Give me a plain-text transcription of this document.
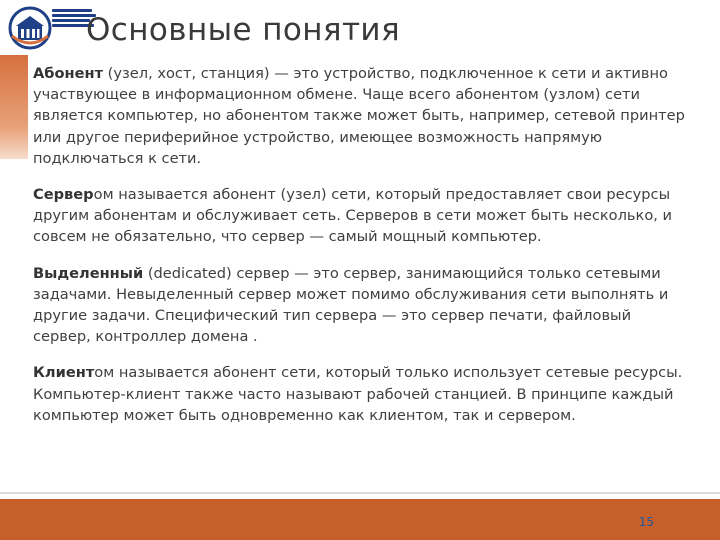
Основные понятия

Абонент (узел, хост, станция) — это устройство, подключенное к сети и активно участвующее в информационном обмене. Чаще всего абонентом (узлом) сети является компьютер, но абонентом также может быть, например, сетевой принтер или другое периферийное устройство, имеющее возможность напрямую подключаться к сети.

Сервером называется абонент (узел) сети, который предоставляет свои ресурсы другим абонентам и обслуживает сеть. Серверов в сети может быть несколько, и совсем не обязательно, что сервер — самый мощный компьютер.

Выделенный (dedicated) сервер — это сервер, занимающийся только сетевыми задачами. Невыделенный сервер может помимо обслуживания сети выполнять и другие задачи. Специфический тип сервера — это сервер печати, файловый сервер, контроллер домена .

Клиентом называется абонент сети, который только использует сетевые ресурсы. Компьютер-клиент также часто называют рабочей станцией. В принципе каждый компьютер может быть одновременно как клиентом, так и сервером.

15
